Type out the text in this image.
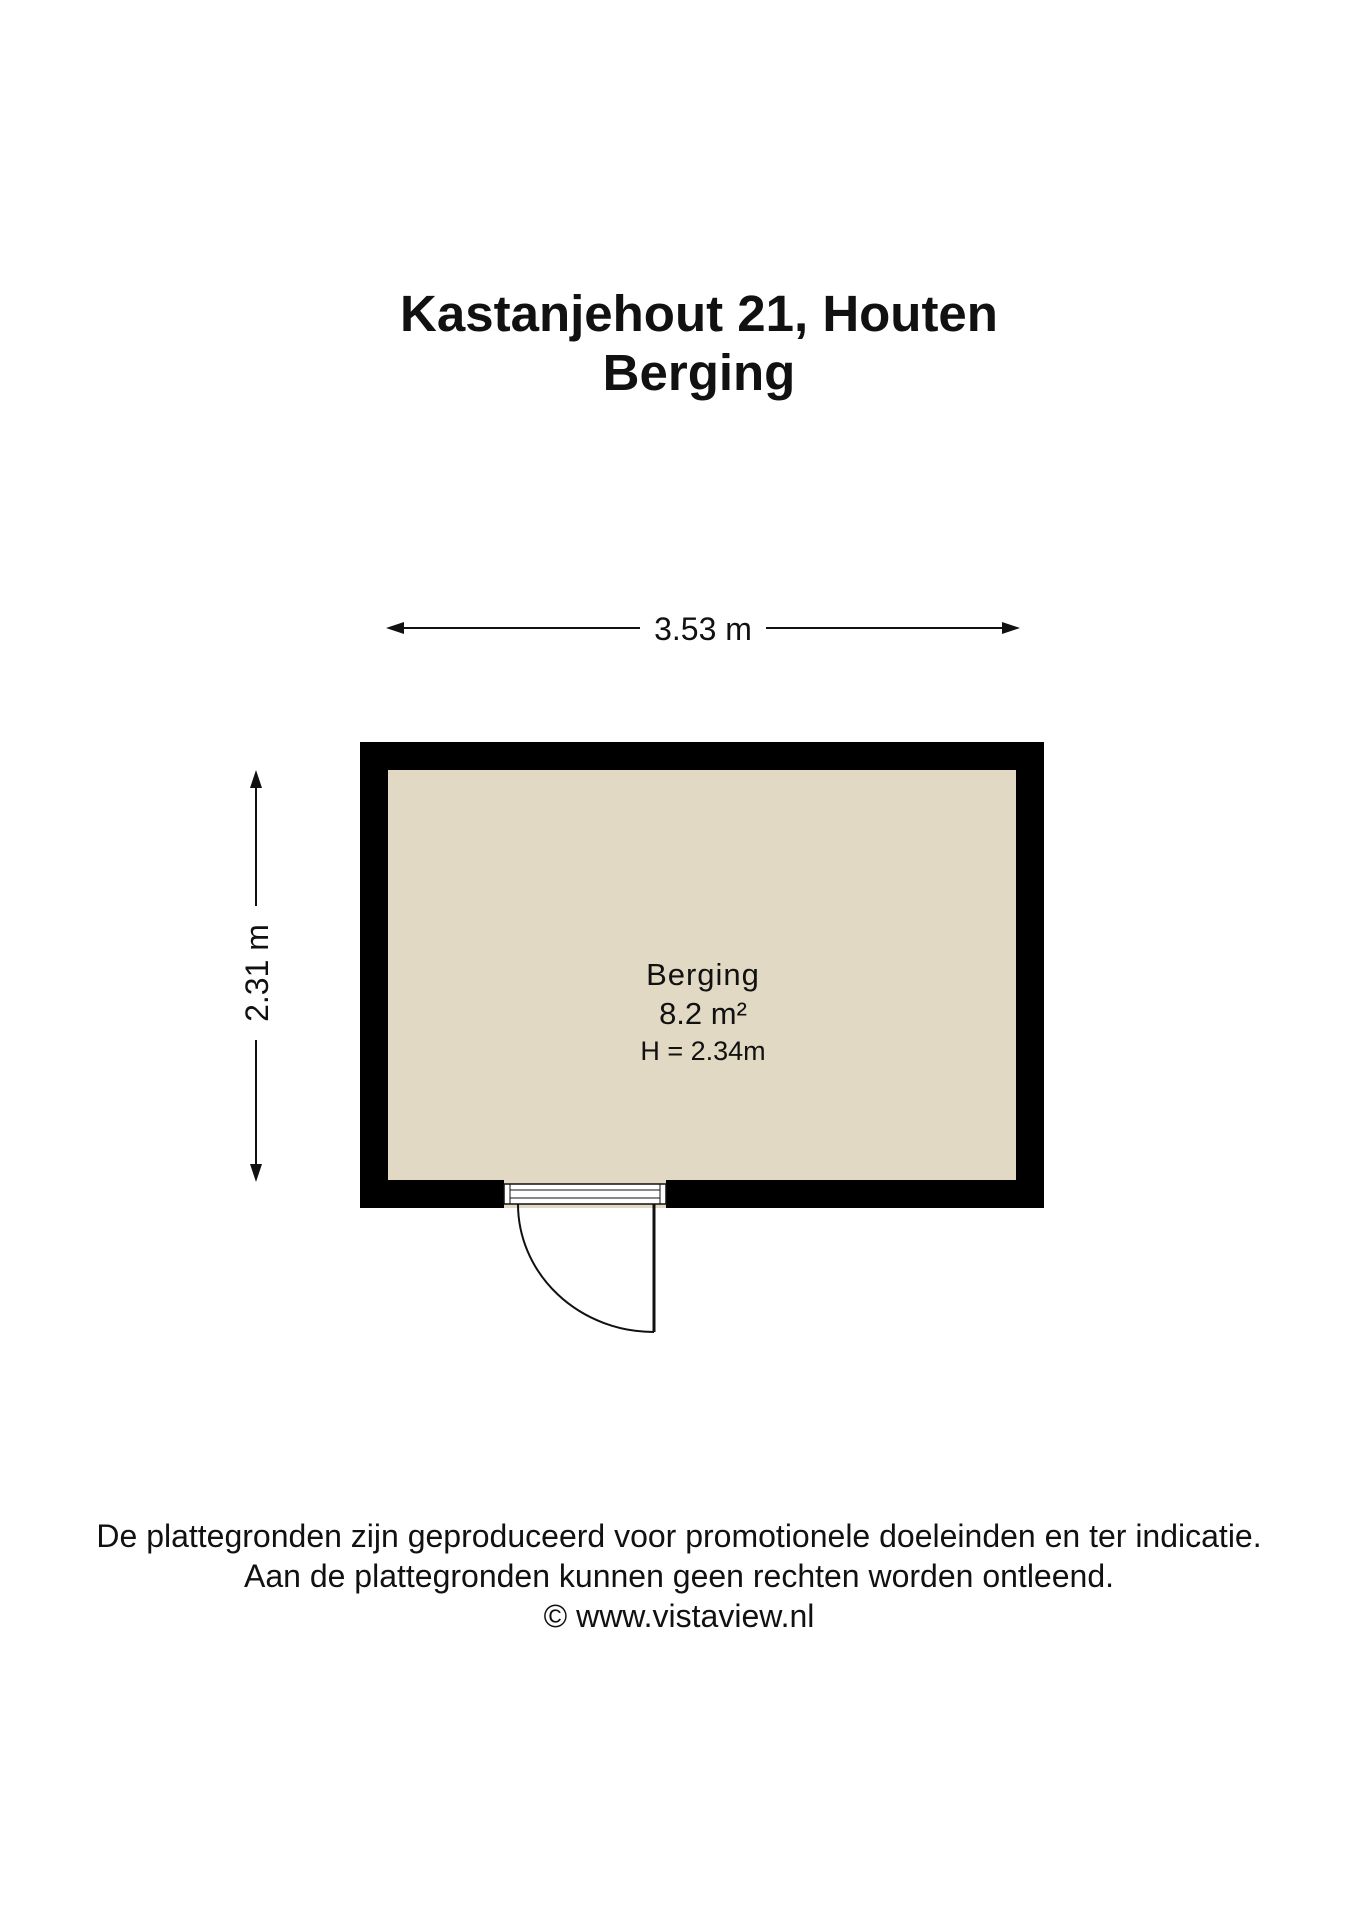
Kastanjehout 21, Houten
Berging
3.53 m
2.31 m	Berging
8.2 m²
H = 2.34m
De plattegronden zijn geproduceerd voor promotionele doeleinden en ter indicatie.
Aan de plattegronden kunnen geen rechten worden ontleend.
© www.vistaview.nl
